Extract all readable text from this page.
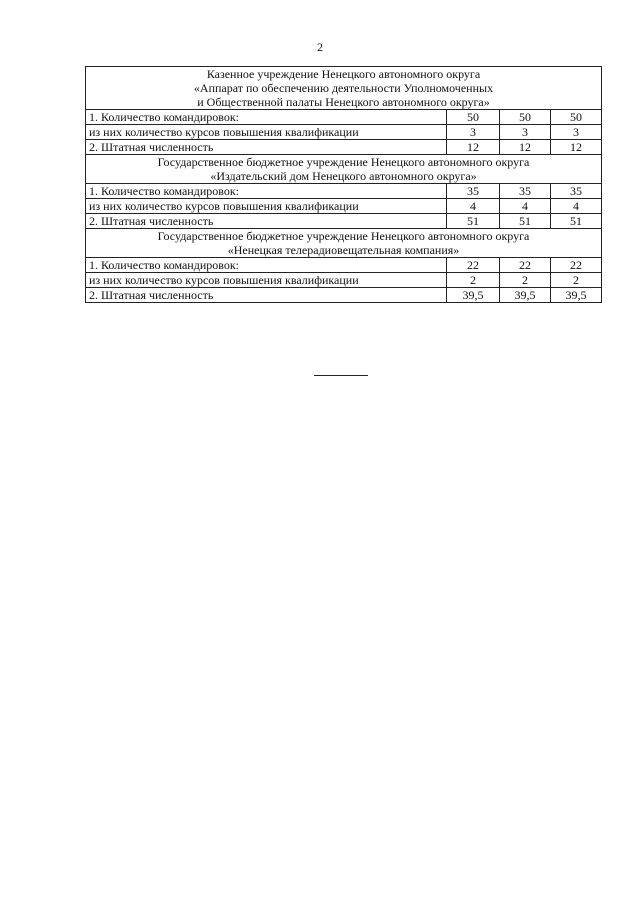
2
Казенное учреждение Ненецкого автономного округа
«Аппарат по обеспечению деятельности Уполномоченных
и Общественной палаты Ненецкого автономного округа»			

1. Количество командировок:	50	50	50
из них количество курсов повышения квалификации	3	3	3
2. Штатная численность	12	12	12

Государственное бюджетное учреждение Ненецкого автономного округа
«Издательский дом Ненецкого автономного округа»			

1. Количество командировок:	35	35	35
из них количество курсов повышения квалификации	4	4	4
2. Штатная численность	51	51	51

Государственное бюджетное учреждение Ненецкого автономного округа
«Ненецкая телерадиовещательная компания»			

1. Количество командировок:	22	22	22
из них количество курсов повышения квалификации	2	2	2
2. Штатная численность	39,5	39,5	39,5
